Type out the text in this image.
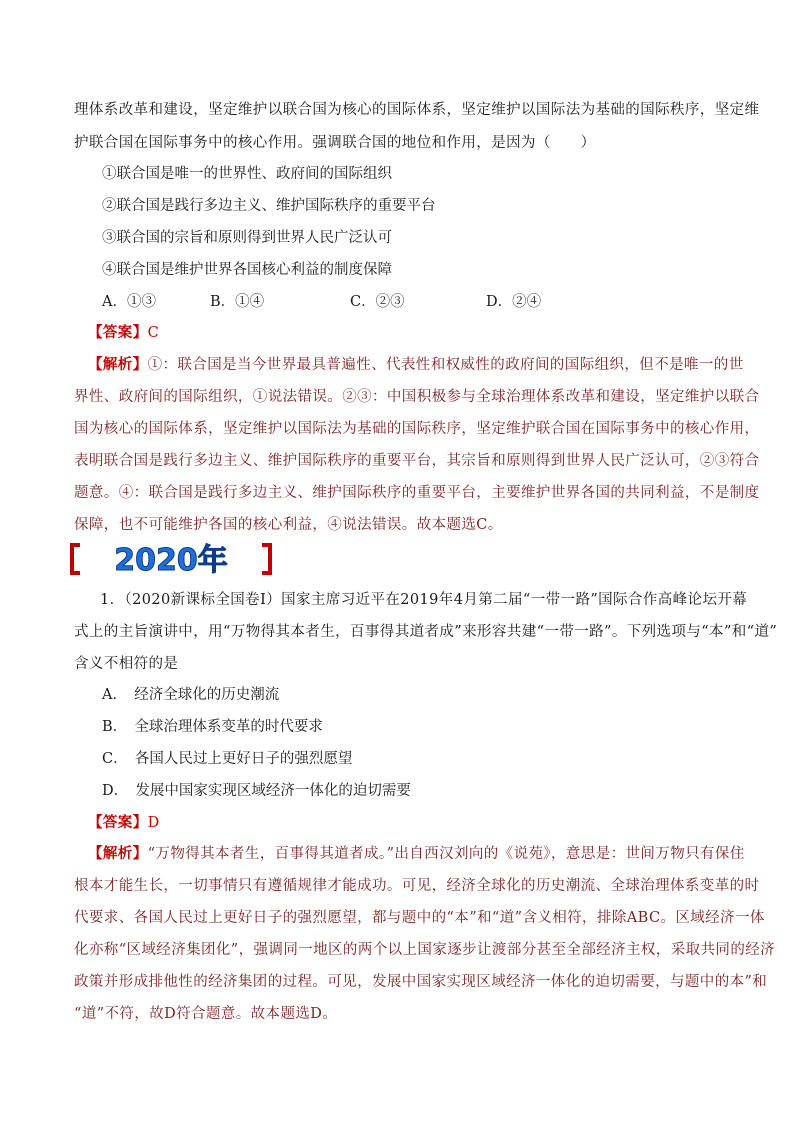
理体系改革和建设，坚定维护以联合国为核心的国际体系，坚定维护以国际法为基础的国际秩序，坚定维
护联合国在国际事务中的核心作用。强调联合国的地位和作用，是因为（　　）
①联合国是唯一的世界性、政府间的国际组织
②联合国是践行多边主义、维护国际秩序的重要平台
③联合国的宗旨和原则得到世界人民广泛认可
④联合国是维护世界各国核心利益的制度保障
A．①③	B．①④	C．②③	D．②④
【答案】C
【解析】①：联合国是当今世界最具普遍性、代表性和权威性的政府间的国际组织，但不是唯一的世
界性、政府间的国际组织，①说法错误。②③：中国积极参与全球治理体系改革和建设，坚定维护以联合
国为核心的国际体系，坚定维护以国际法为基础的国际秩序，坚定维护联合国在国际事务中的核心作用，
表明联合国是践行多边主义、维护国际秩序的重要平台，其宗旨和原则得到世界人民广泛认可，②③符合
题意。④：联合国是践行多边主义、维护国际秩序的重要平台，主要维护世界各国的共同利益，不是制度
保障，也不可能维护各国的核心利益，④说法错误。故本题选C。
2020年
1．（2020新课标全国卷Ⅰ）国家主席习近平在2019年4月第二届“一带一路”国际合作高峰论坛开幕
式上的主旨演讲中，用“万物得其本者生，百事得其道者成”来形容共建“一带一路”。下列选项与“本”和“道”
含义不相符的是
A．　经济全球化的历史潮流
B．　全球治理体系变革的时代要求
C．　各国人民过上更好日子的强烈愿望
D．　发展中国家实现区域经济一体化的迫切需要
【答案】D
【解析】“万物得其本者生，百事得其道者成。”出自西汉刘向的《说苑》，意思是：世间万物只有保住
根本才能生长，一切事情只有遵循规律才能成功。可见，经济全球化的历史潮流、全球治理体系变革的时
代要求、各国人民过上更好日子的强烈愿望，都与题中的“本”和“道”含义相符，排除ABC。区域经济一体
化亦称“区域经济集团化”，强调同一地区的两个以上国家逐步让渡部分甚至全部经济主权，采取共同的经济
政策并形成排他性的经济集团的过程。可见，发展中国家实现区域经济一体化的迫切需要，与题中的本”和
“道”不符，故D符合题意。故本题选D。
